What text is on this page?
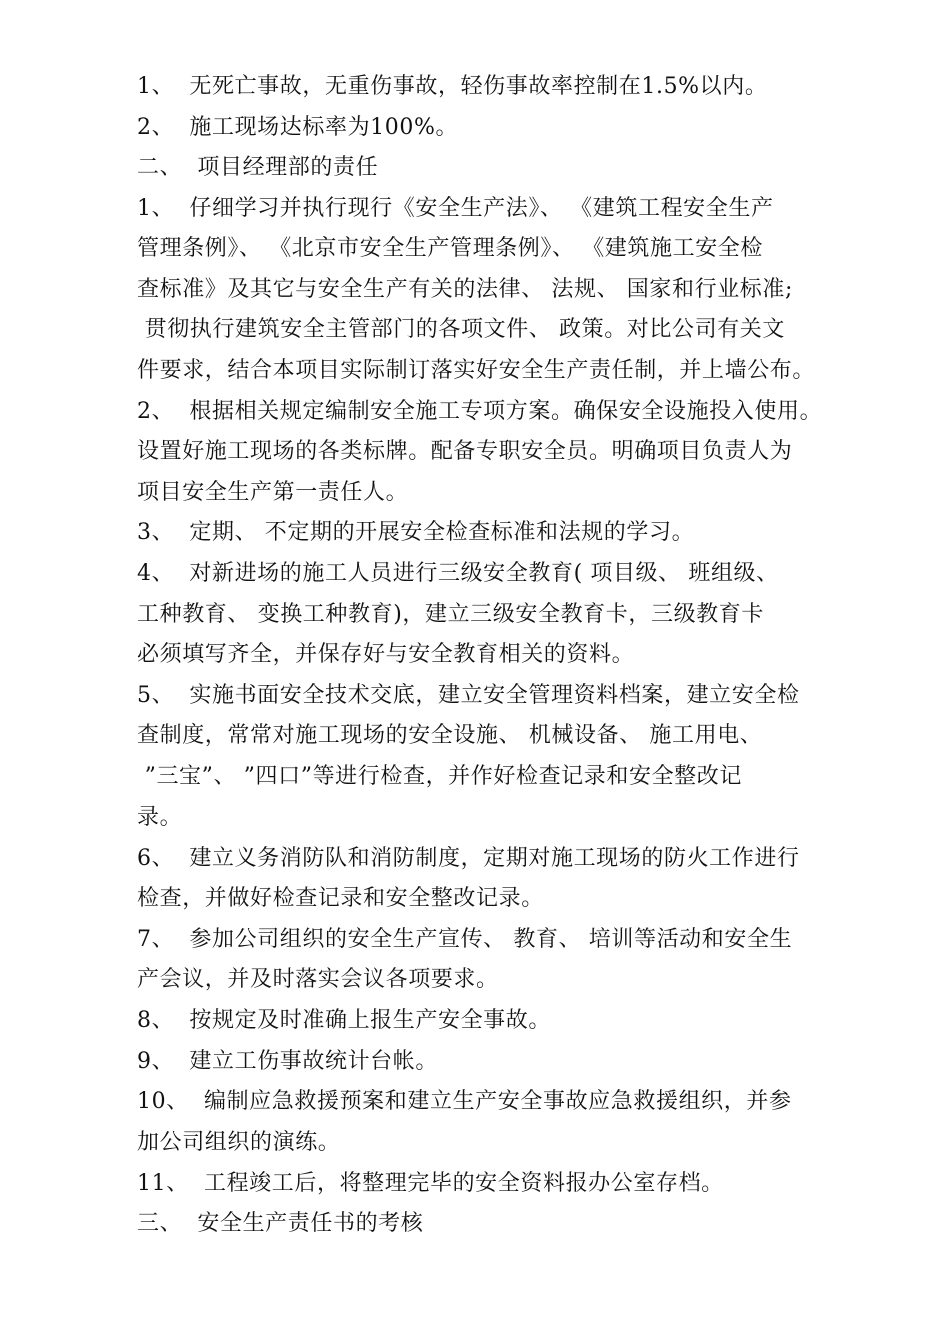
1、  无死亡事故，无重伤事故，轻伤事故率控制在1.5%以内。
2、  施工现场达标率为100%。
二、  项目经理部的责任
1、  仔细学习并执行现行《安全生产法》、 《建筑工程安全生产
管理条例》、 《北京市安全生产管理条例》、 《建筑施工安全检
查标准》及其它与安全生产有关的法律、 法规、 国家和行业标准;
贯彻执行建筑安全主管部门的各项文件、 政策。对比公司有关文
件要求，结合本项目实际制订落实好安全生产责任制，并上墙公布。
2、  根据相关规定编制安全施工专项方案。确保安全设施投入使用。
设置好施工现场的各类标牌。配备专职安全员。明确项目负责人为
项目安全生产第一责任人。
3、  定期、 不定期的开展安全检查标准和法规的学习。
4、  对新进场的施工人员进行三级安全教育( 项目级、 班组级、
工种教育、 变换工种教育)，建立三级安全教育卡，三级教育卡
必须填写齐全，并保存好与安全教育相关的资料。
5、  实施书面安全技术交底，建立安全管理资料档案，建立安全检
查制度，常常对施工现场的安全设施、 机械设备、 施工用电、
”三宝”、 ”四口”等进行检查，并作好检查记录和安全整改记
录。
6、  建立义务消防队和消防制度，定期对施工现场的防火工作进行
检查，并做好检查记录和安全整改记录。
7、  参加公司组织的安全生产宣传、 教育、 培训等活动和安全生
产会议，并及时落实会议各项要求。
8、  按规定及时准确上报生产安全事故。
9、  建立工伤事故统计台帐。
10、  编制应急救援预案和建立生产安全事故应急救援组织，并参
加公司组织的演练。
11、  工程竣工后，将整理完毕的安全资料报办公室存档。
三、  安全生产责任书的考核
